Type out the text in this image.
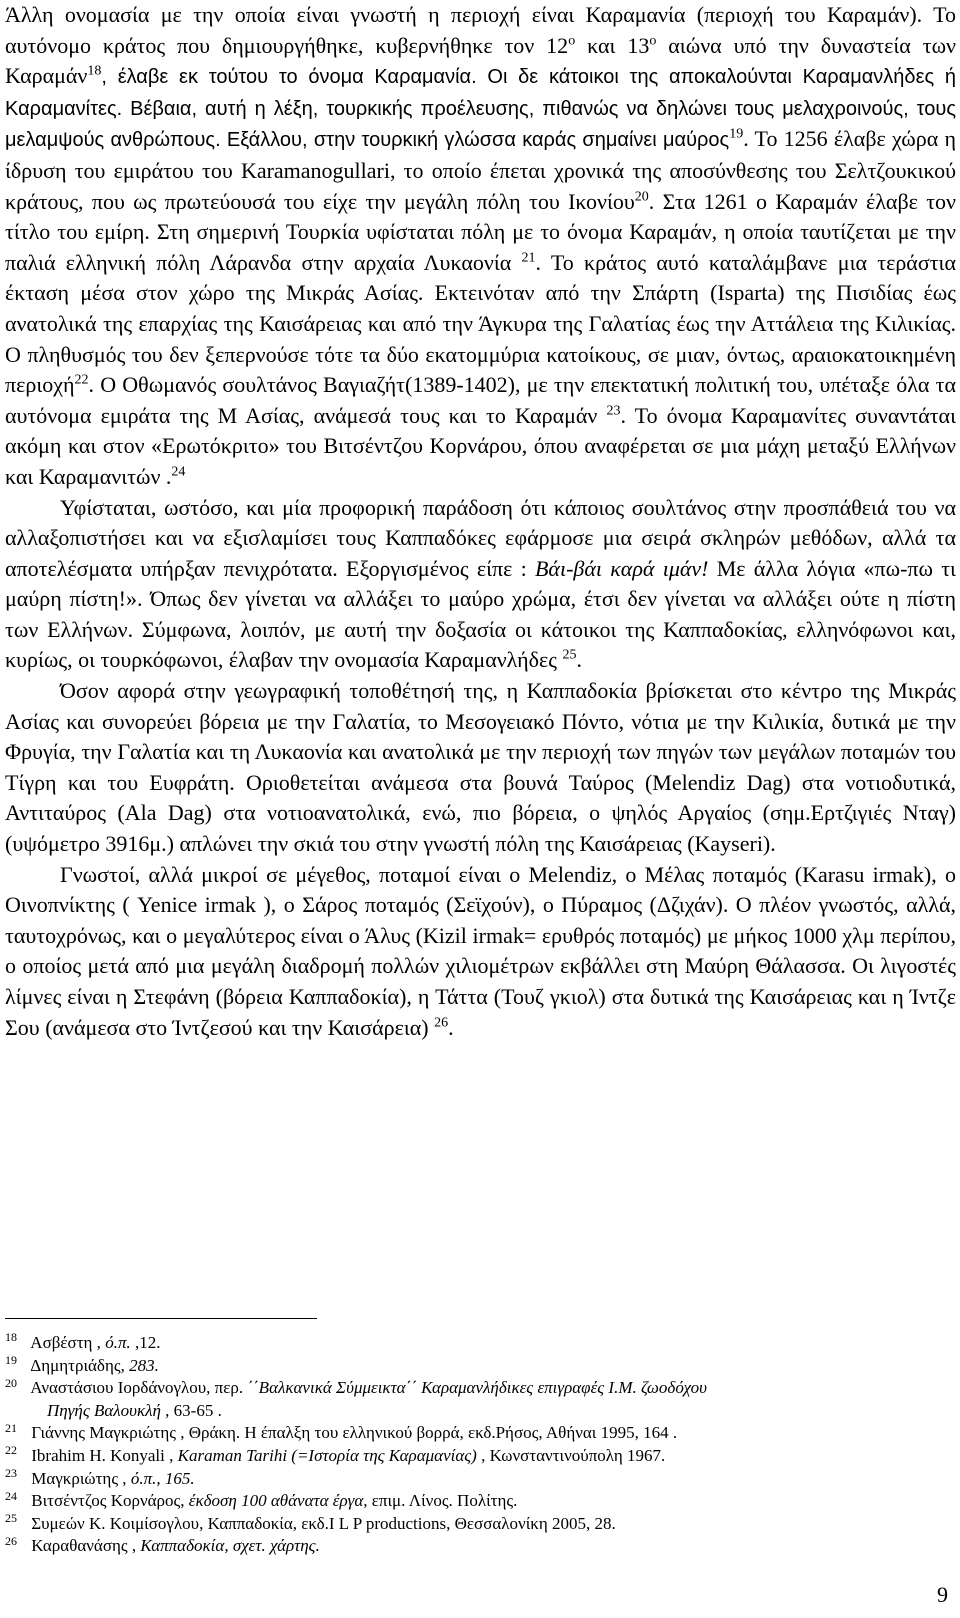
Άλλη ονομασία με την οποία είναι γνωστή η περιοχή είναι Καραμανία (περιοχή του Καραμάν). Το αυτόνομο κράτος που δημιουργήθηκε, κυβερνήθηκε τον $12^o$ και $13^o$ αιώνα υπό την δυναστεία των Καραμάν$^{18}$, έλαβε εκ τούτου το όνομα Καραμανία. Οι δε κάτοικοι της αποκαλούνται Καραμανλήδες ή Καραμανίτες. Βέβαια, αυτή η λέξη, τουρκικής προέλευσης, πιθανώς να δηλώνει τους μελαχροινούς, τους μελαμψούς ανθρώπους. Εξάλλου, στην τουρκική γλώσσα καράς σημαίνει μαύρος$^{19}$. Το 1256 έλαβε χώρα η ίδρυση του εμιράτου του Karamanogullari, το οποίο έπεται χρονικά της αποσύνθεσης του Σελτζουκικού κράτους, που ως πρωτεύουσά του είχε την μεγάλη πόλη του Ικονίου$^{20}$. Στα 1261 ο Καραμάν έλαβε τον τίτλο του εμίρη. Στη σημερινή Τουρκία υφίσταται πόλη με το όνομα Καραμάν, η οποία ταυτίζεται με την παλιά ελληνική πόλη Λάρανδα στην αρχαία Λυκαονία $^{21}$. Το κράτος αυτό καταλάμβανε μια τεράστια έκταση μέσα στον χώρο της Μικράς Ασίας. Εκτεινόταν από την Σπάρτη (Isparta) της Πισιδίας έως ανατολικά της επαρχίας της Καισάρειας και από την Άγκυρα της Γαλατίας έως την Αττάλεια της Κιλικίας. Ο πληθυσμός του δεν ξεπερνούσε τότε τα δύο εκατομμύρια κατοίκους, σε μιαν, όντως, αραιοκατοικημένη περιοχή$^{22}$. Ο Οθωμανός σουλτάνος Βαγιαζήτ(1389-1402), με την επεκτατική πολιτική του, υπέταξε όλα τα αυτόνομα εμιράτα της Μ Ασίας, ανάμεσά τους και το Καραμάν $^{23}$. Το όνομα Καραμανίτες συναντάται ακόμη και στον «Ερωτόκριτο» του Βιτσέντζου Κορνάρου, όπου αναφέρεται σε μια μάχη μεταξύ Ελλήνων και Καραμανιτών .$^{24}$

Υφίσταται, ωστόσο, και μία προφορική παράδοση ότι κάποιος σουλτάνος στην προσπάθειά του να αλλαξοπιστήσει και να εξισλαμίσει τους Καππαδόκες εφάρμοσε μια σειρά σκληρών μεθόδων, αλλά τα αποτελέσματα υπήρξαν πενιχρότατα. Εξοργισμένος είπε : Βάι-βάι καρά ιμάν! Με άλλα λόγια «πω-πω τι μαύρη πίστη!». Όπως δεν γίνεται να αλλάξει το μαύρο χρώμα, έτσι δεν γίνεται να αλλάξει ούτε η πίστη των Ελλήνων. Σύμφωνα, λοιπόν, με αυτή την δοξασία οι κάτοικοι της Καππαδοκίας, ελληνόφωνοι και, κυρίως, οι τουρκόφωνοι, έλαβαν την ονομασία Καραμανλήδες $^{25}$.

Όσον αφορά στην γεωγραφική τοποθέτησή της, η Καππαδοκία βρίσκεται στο κέντρο της Μικράς Ασίας και συνορεύει βόρεια με την Γαλατία, το Μεσογειακό Πόντο, νότια με την Κιλικία, δυτικά με την Φρυγία, την Γαλατία και τη Λυκαονία και ανατολικά με την περιοχή των πηγών των μεγάλων ποταμών του Τίγρη και του Ευφράτη. Οριοθετείται ανάμεσα στα βουνά Ταύρος (Melendiz Dag) στα νοτιοδυτικά, Αντιταύρος (Ala Dag) στα νοτιοανατολικά, ενώ, πιο βόρεια, ο ψηλός Αργαίος (σημ.Ερτζιγιές Νταγ) (υψόμετρο 3916μ.) απλώνει την σκιά του στην γνωστή πόλη της Καισάρειας (Kayseri).

Γνωστοί, αλλά μικροί σε μέγεθος, ποταμοί είναι ο Melendiz, ο Μέλας ποταμός (Karasu irmak), ο Οινοπνίκτης ( Yenice irmak ), ο Σάρος ποταμός (Σεϊχούν), ο Πύραμος (Δζιχάν). Ο πλέον γνωστός, αλλά, ταυτοχρόνως, και ο μεγαλύτερος είναι ο Άλυς (Kizil irmak= ερυθρός ποταμός) με μήκος 1000 χλμ περίπου, ο οποίος μετά από μια μεγάλη διαδρομή πολλών χιλιομέτρων εκβάλλει στη Μαύρη Θάλασσα. Οι λιγοστές λίμνες είναι η Στεφάνη (βόρεια Καππαδοκία), η Τάττα (Τουζ γκιολ) στα δυτικά της Καισάρειας και η Ίντζε Σου (ανάμεσα στο Ίντζεσού και την Καισάρεια) $^{26}$.

18 Ασβέστη , ό.π. ,12.
19 Δημητριάδης, 283.
20 Αναστάσιου Ιορδάνογλου, περ. ΄΄Βαλκανικά Σύμμεικτα΄΄ Καραμανλήδικες επιγραφές Ι.Μ. ζωοδόχου
Πηγής Βαλουκλή , 63-65 .
21 Γιάννης Μαγκριώτης , Θράκη. Η έπαλξη του ελληνικού βορρά, εκδ.Ρήσος, Αθήναι 1995, 164 .
22 Ibrahim H. Konyali , Karaman Tarihi (=Ιστορία της Καραμανίας) , Κωνσταντινούπολη 1967.
23 Μαγκριώτης , ό.π., 165.
24 Βιτσέντζος Κορνάρος, έκδοση 100 αθάνατα έργα, επιμ. Λίνος. Πολίτης.
25 Συμεών Κ. Κοιμίσογλου, Καππαδοκία, εκδ.Ι L P productions, Θεσσαλονίκη 2005, 28.
26 Καραθανάσης , Καππαδοκία, σχετ. χάρτης.
9
